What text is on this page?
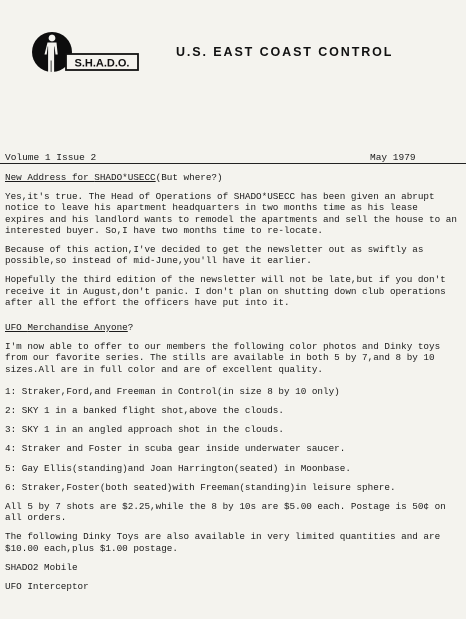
S.H.A.D.O.
U.S. EAST COAST CONTROL
Volume 1 Issue 2	May 1979

New Address for SHADO*USECC(But where?)

Yes,it's true. The Head of Operations of SHADO*USECC has been given an abrupt notice to leave his apartment headquarters in two months time as his lease expires and his landlord wants to remodel the apartments and sell the house to an interested buyer. So,I have two months time to re-locate.

Because of this action,I've decided to get the newsletter out as swiftly as possible,so instead of mid-June,you'll have it earlier.

Hopefully the third edition of the newsletter will not be late,but if you don't receive it in August,don't panic. I don't plan on shutting down club operations after all the effort the officers have put into it.

UFO Merchandise Anyone?

I'm now able to offer to our members the following color photos and Dinky toys from our favorite series. The stills are available in both 5 by 7,and 8 by 10 sizes.All are in full color and are of excellent quality.

1: Straker,Ford,and Freeman in Control(in size 8 by 10 only)

2: SKY 1 in a banked flight shot,above the clouds.

3: SKY 1 in an angled approach shot in the clouds.

4: Straker and Foster in scuba gear inside underwater saucer.

5: Gay Ellis(standing)and Joan Harrington(seated) in Moonbase.

6: Straker,Foster(both seated)with Freeman(standing)in leisure sphere.

All 5 by 7 shots are $2.25,while the 8 by 10s are $5.00 each. Postage is 50¢ on all orders.

The following Dinky Toys are also available in very limited quantities and are $10.00 each,plus $1.00 postage.

SHADO2 Mobile

UFO Interceptor
